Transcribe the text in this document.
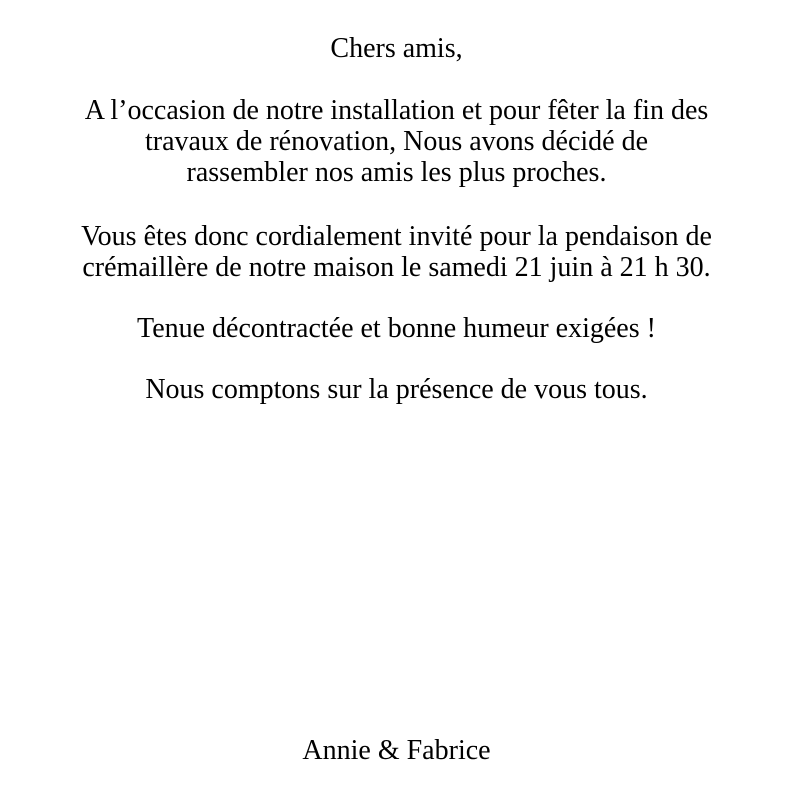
Chers amis,
A l’occasion de notre installation et pour fêter la fin des
travaux de rénovation, Nous avons décidé de
rassembler nos amis les plus proches.
Vous êtes donc cordialement invité pour la pendaison de
crémaillère de notre maison le samedi 21 juin à 21 h 30.
Tenue décontractée et bonne humeur exigées !
Nous comptons sur la présence de vous tous.
Annie & Fabrice
